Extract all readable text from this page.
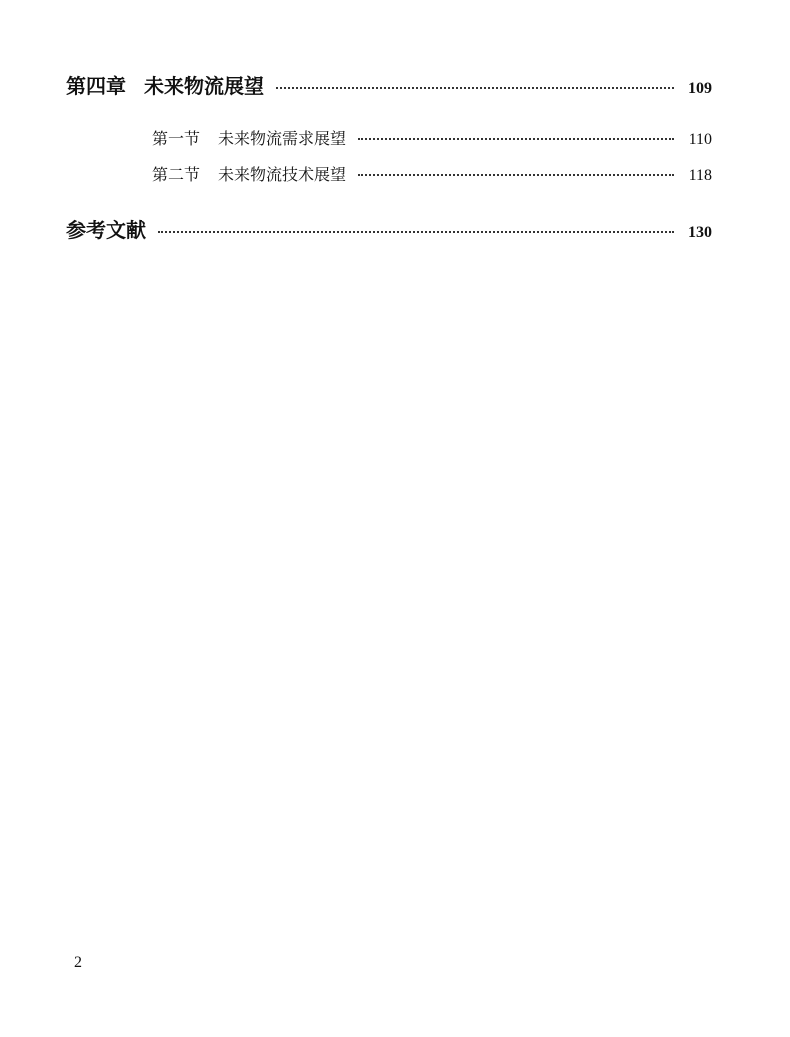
第四章 未来物流展望	109
第一节 未来物流需求展望	110
第二节 未来物流技术展望	118
参考文献	130
2
